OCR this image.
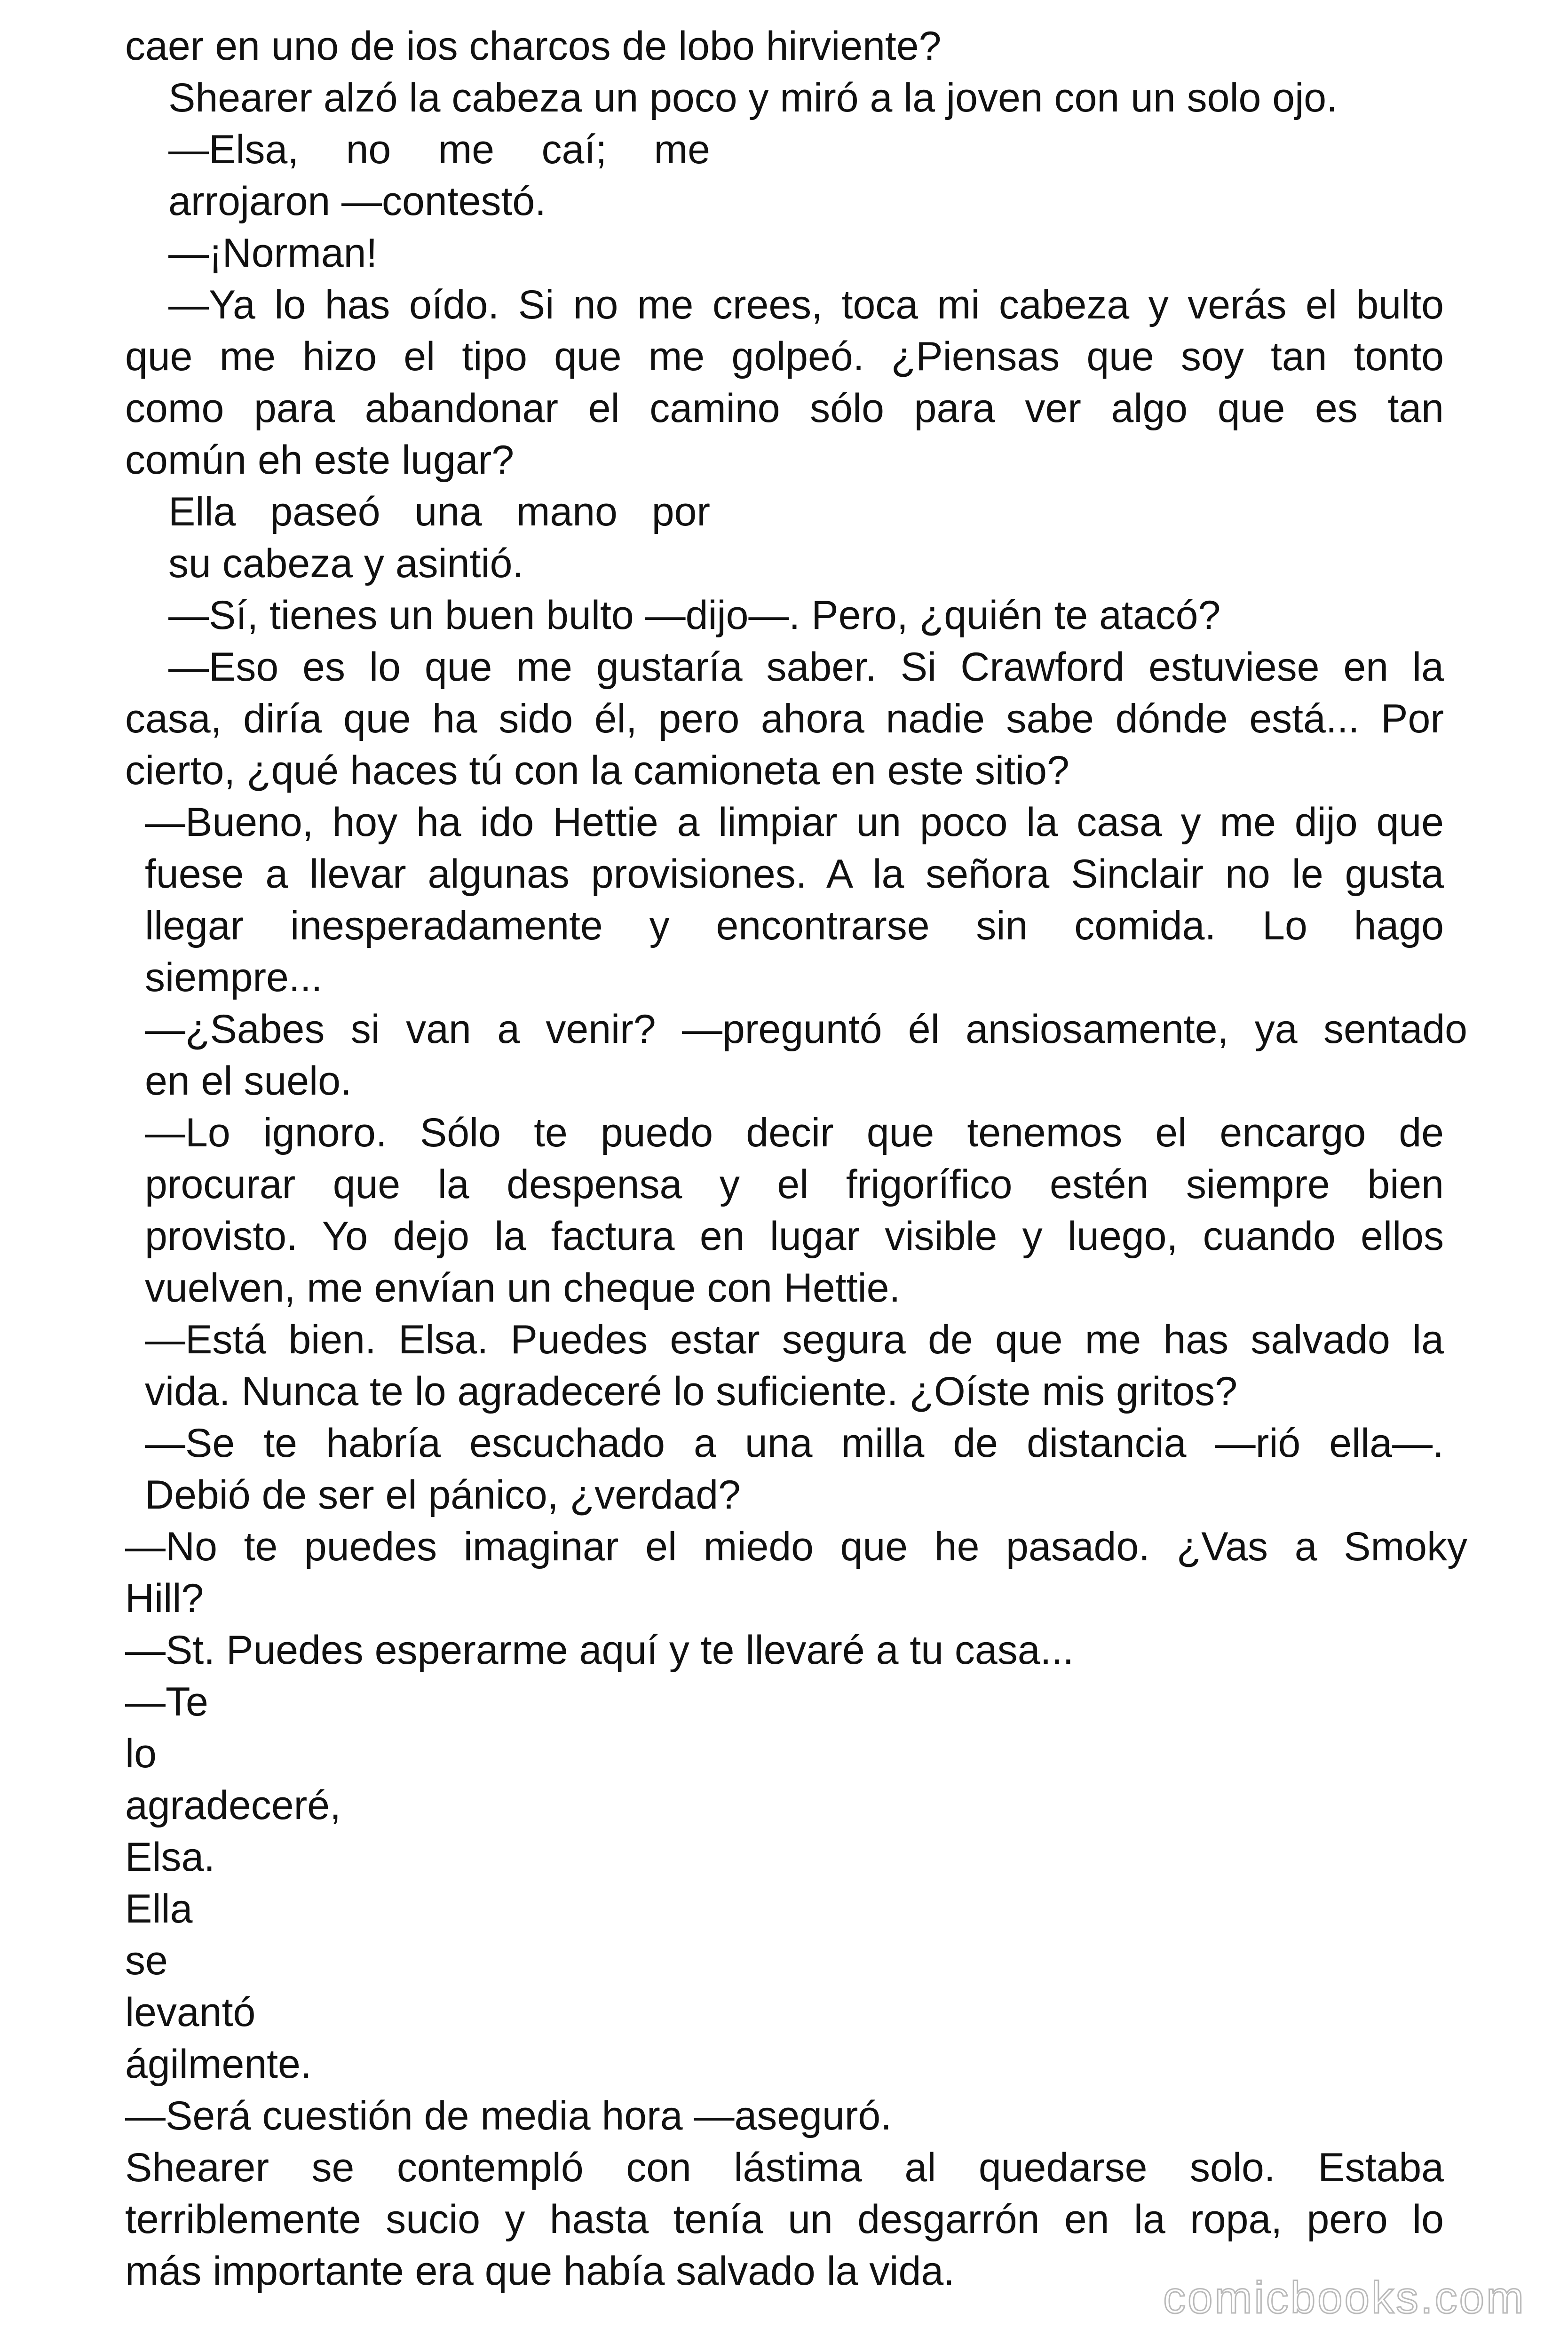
caer en uno de ios charcos de lobo hirviente?

Shearer alzó la cabeza un poco y miró a la joven con un solo ojo.

—Elsa, no me caí; me

arrojaron —contestó.

—¡Norman!

—Ya lo has oído. Si no me crees, toca mi cabeza y verás el bulto

que me hizo el tipo que me golpeó. ¿Piensas que soy tan tonto

como para abandonar el camino sólo para ver algo que es tan

común eh este lugar?

Ella paseó una mano por

su cabeza y asintió.

—Sí, tienes un buen bulto —dijo—. Pero, ¿quién te atacó?

—Eso es lo que me gustaría saber. Si Crawford estuviese en la

casa, diría que ha sido él, pero ahora nadie sabe dónde está... Por

cierto, ¿qué haces tú con la camioneta en este sitio?

—Bueno, hoy ha ido Hettie a limpiar un poco la casa y me dijo que

fuese a llevar algunas provisiones. A la señora Sinclair no le gusta

llegar inesperadamente y encontrarse sin comida. Lo hago

siempre...

—¿Sabes si van a venir? —preguntó él ansiosamente, ya sentado

en el suelo.

—Lo ignoro. Sólo te puedo decir que tenemos el encargo de

procurar que la despensa y el frigorífico estén siempre bien

provisto. Yo dejo la factura en lugar visible y luego, cuando ellos

vuelven, me envían un cheque con Hettie.

—Está bien. Elsa. Puedes estar segura de que me has salvado la

vida. Nunca te lo agradeceré lo suficiente. ¿Oíste mis gritos?

—Se te habría escuchado a una milla de distancia —rió ella—.

Debió de ser el pánico, ¿verdad?

—No te puedes imaginar el miedo que he pasado. ¿Vas a Smoky

Hill?

—St. Puedes esperarme aquí y te llevaré a tu casa...

—Te

lo

agradeceré,

Elsa.

Ella

se

levantó

ágilmente.

—Será cuestión de media hora —aseguró.

Shearer se contempló con lástima al quedarse solo. Estaba

terriblemente sucio y hasta tenía un desgarrón en la ropa, pero lo

más importante era que había salvado la vida.

comicbooks.com
